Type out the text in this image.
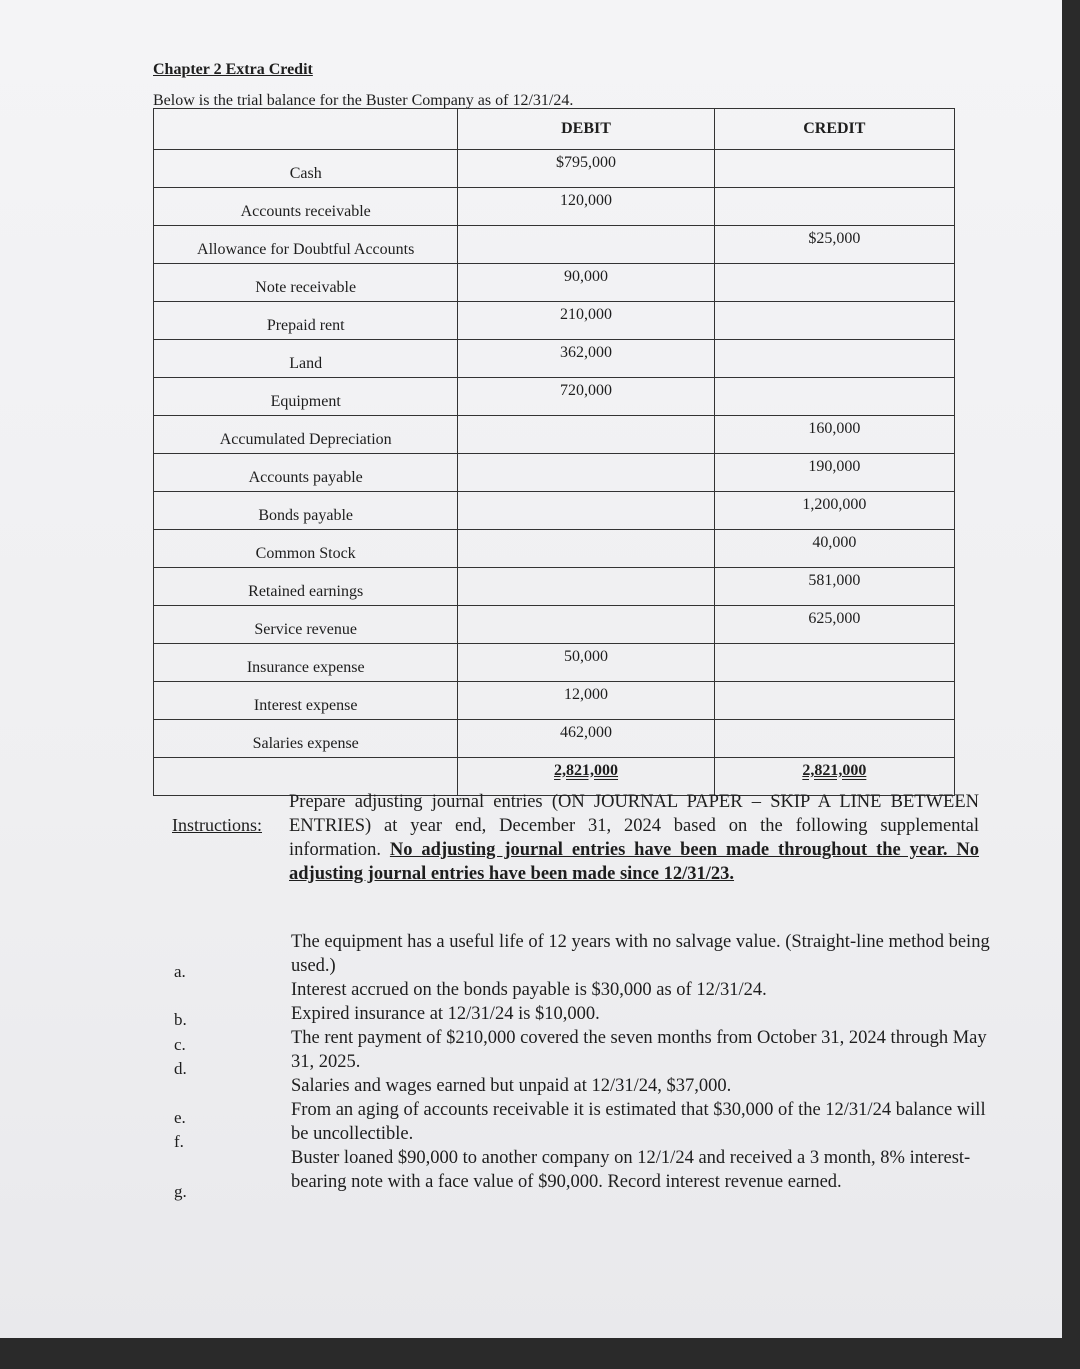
Chapter 2 Extra Credit
Below is the trial balance for the Buster Company as of 12/31/24.
	DEBIT	CREDIT
Cash	$795,000	
Accounts receivable	120,000	
Allowance for Doubtful Accounts		$25,000
Note receivable	90,000	
Prepaid rent	210,000	
Land	362,000	
Equipment	720,000	
Accumulated Depreciation		160,000
Accounts payable		190,000
Bonds payable		1,200,000
Common Stock		40,000
Retained earnings		581,000
Service revenue		625,000
Insurance expense	50,000	
Interest expense	12,000	
Salaries expense	462,000	
	2,821,000	2,821,000
Instructions:

Prepare adjusting journal entries (ON JOURNAL PAPER – SKIP A LINE BETWEEN ENTRIES) at year end, December 31, 2024 based on the following supplemental information. No adjusting journal entries have been made throughout the year. No adjusting journal entries have been made since 12/31/23.

a.
b.
c.
d.
e.
f.
g.

The equipment has a useful life of 12 years with no salvage value. (Straight-line method being used.)

Interest accrued on the bonds payable is $30,000 as of 12/31/24.

Expired insurance at 12/31/24 is $10,000.

The rent payment of $210,000 covered the seven months from October 31, 2024 through May 31, 2025.

Salaries and wages earned but unpaid at 12/31/24, $37,000.

From an aging of accounts receivable it is estimated that $30,000 of the 12/31/24 balance will be uncollectible.

Buster loaned $90,000 to another company on 12/1/24 and received a 3 month, 8% interest-bearing note with a face value of $90,000. Record interest revenue earned.
